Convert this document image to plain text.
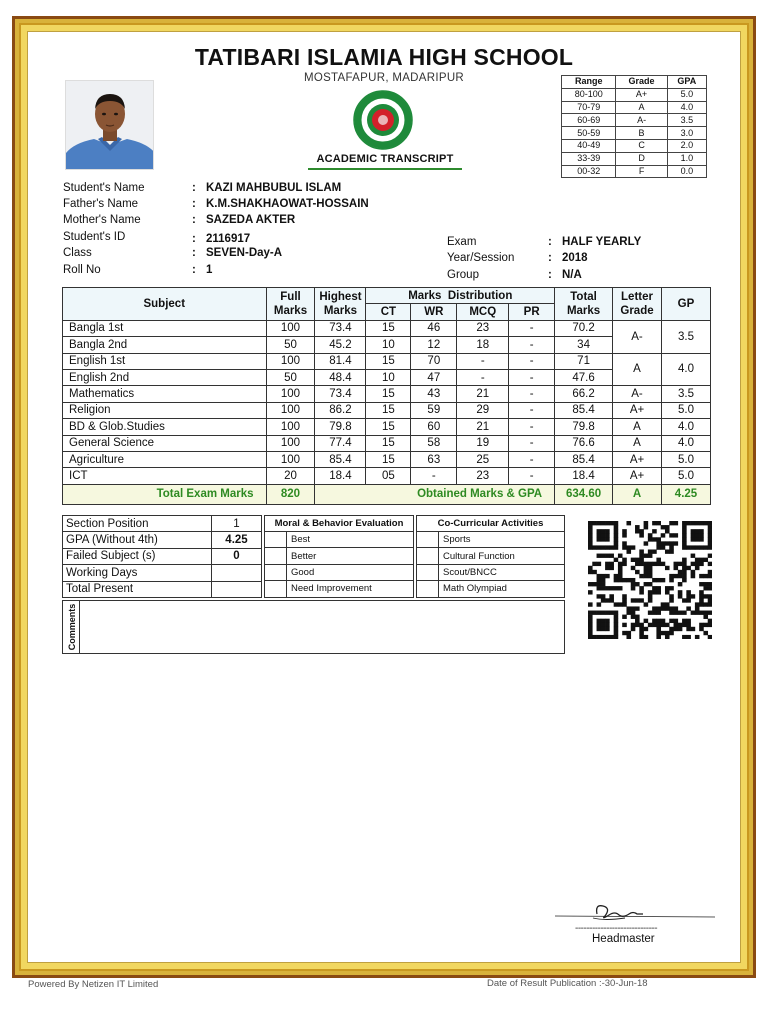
TATIBARI ISLAMIA HIGH SCHOOL
MOSTAFAPUR, MADARIPUR
ACADEMIC TRANSCRIPT
Range	Grade	GPA
80-100	A+	5.0
70-79	A	4.0
60-69	A-	3.5
50-59	B	3.0
40-49	C	2.0
33-39	D	1.0
00-32	F	0.0
Student's Name	: KAZI MAHBUBUL ISLAM
Father's Name	: K.M.SHAKHAOWAT-HOSSAIN
Mother's Name	: SAZEDA AKTER
Student's ID	: 2116917
Class	: SEVEN-Day-A
Roll No	: 1
Exam	: HALF YEARLY
Year/Session	: 2018
Group	: N/A
Subject	Full Marks	Highest Marks	Marks  Distribution				Total Marks	Letter Grade	GP
			CT	WR	MCQ	PR			
Bangla 1st	100	73.4	15	46	23	-	70.2	A-	3.5
Bangla 2nd	50	45.2	10	12	18	-	34		
English 1st	100	81.4	15	70	-	-	71	A	4.0
English 2nd	50	48.4	10	47	-	-	47.6		
Mathematics	100	73.4	15	43	21	-	66.2	A-	3.5
Religion	100	86.2	15	59	29	-	85.4	A+	5.0
BD & Glob.Studies	100	79.8	15	60	21	-	79.8	A	4.0
General Science	100	77.4	15	58	19	-	76.6	A	4.0
Agriculture	100	85.4	15	63	25	-	85.4	A+	5.0
ICT	20	18.4	05	-	23	-	18.4	A+	5.0
Total Exam Marks	820	Obtained Marks & GPA					634.60	A	4.25
Section Position	1
GPA (Without 4th)	4.25
Failed Subject (s)	0
Working Days	
Total Present	
Moral & Behavior Evaluation	
	Best
	Better
	Good
	Need Improvement
Co-Curricular Activities	
	Sports
	Cultural Function
	Scout/BNCC
	Math Olympiad
Comments
-----------------------------
Headmaster
Powered By Netizen IT Limited	Date of Result Publication :-30-Jun-18
